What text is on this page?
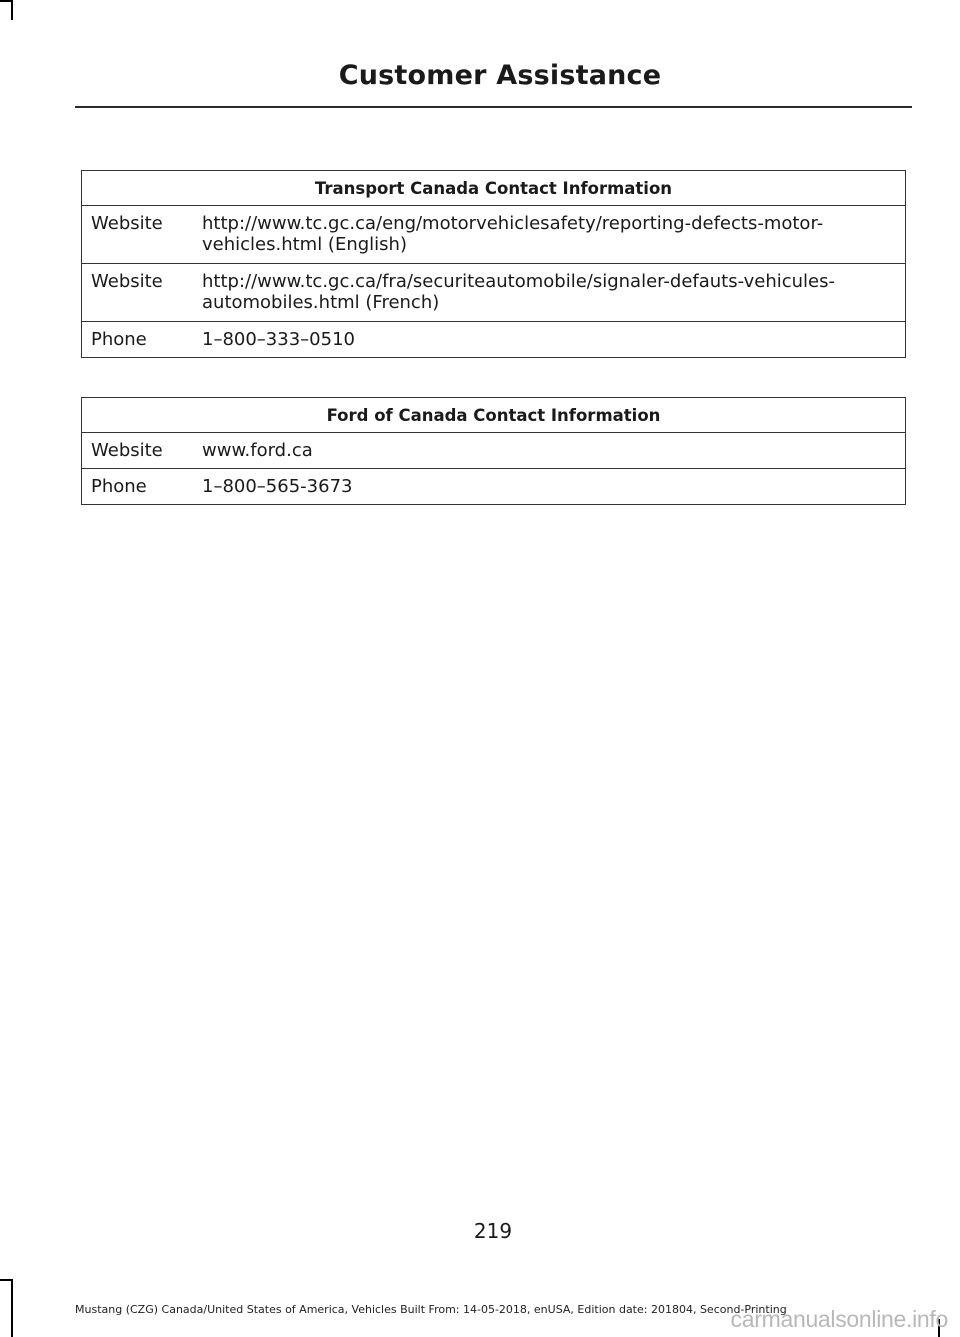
Customer Assistance
Transport Canada Contact Information	
Website	http://www.tc.gc.ca/eng/motorvehiclesafety/reporting-defects-motor-vehicles.html (English)
Website	http://www.tc.gc.ca/fra/securiteautomobile/signaler-defauts-vehicules-automobiles.html (French)
Phone	1–800–333–0510
Ford of Canada Contact Information	
Website	www.ford.ca
Phone	1–800–565-3673
219
Mustang (CZG) Canada/United States of America, Vehicles Built From: 14-05-2018, enUSA, Edition date: 201804, Second-Printing
carmanualsonline.info
